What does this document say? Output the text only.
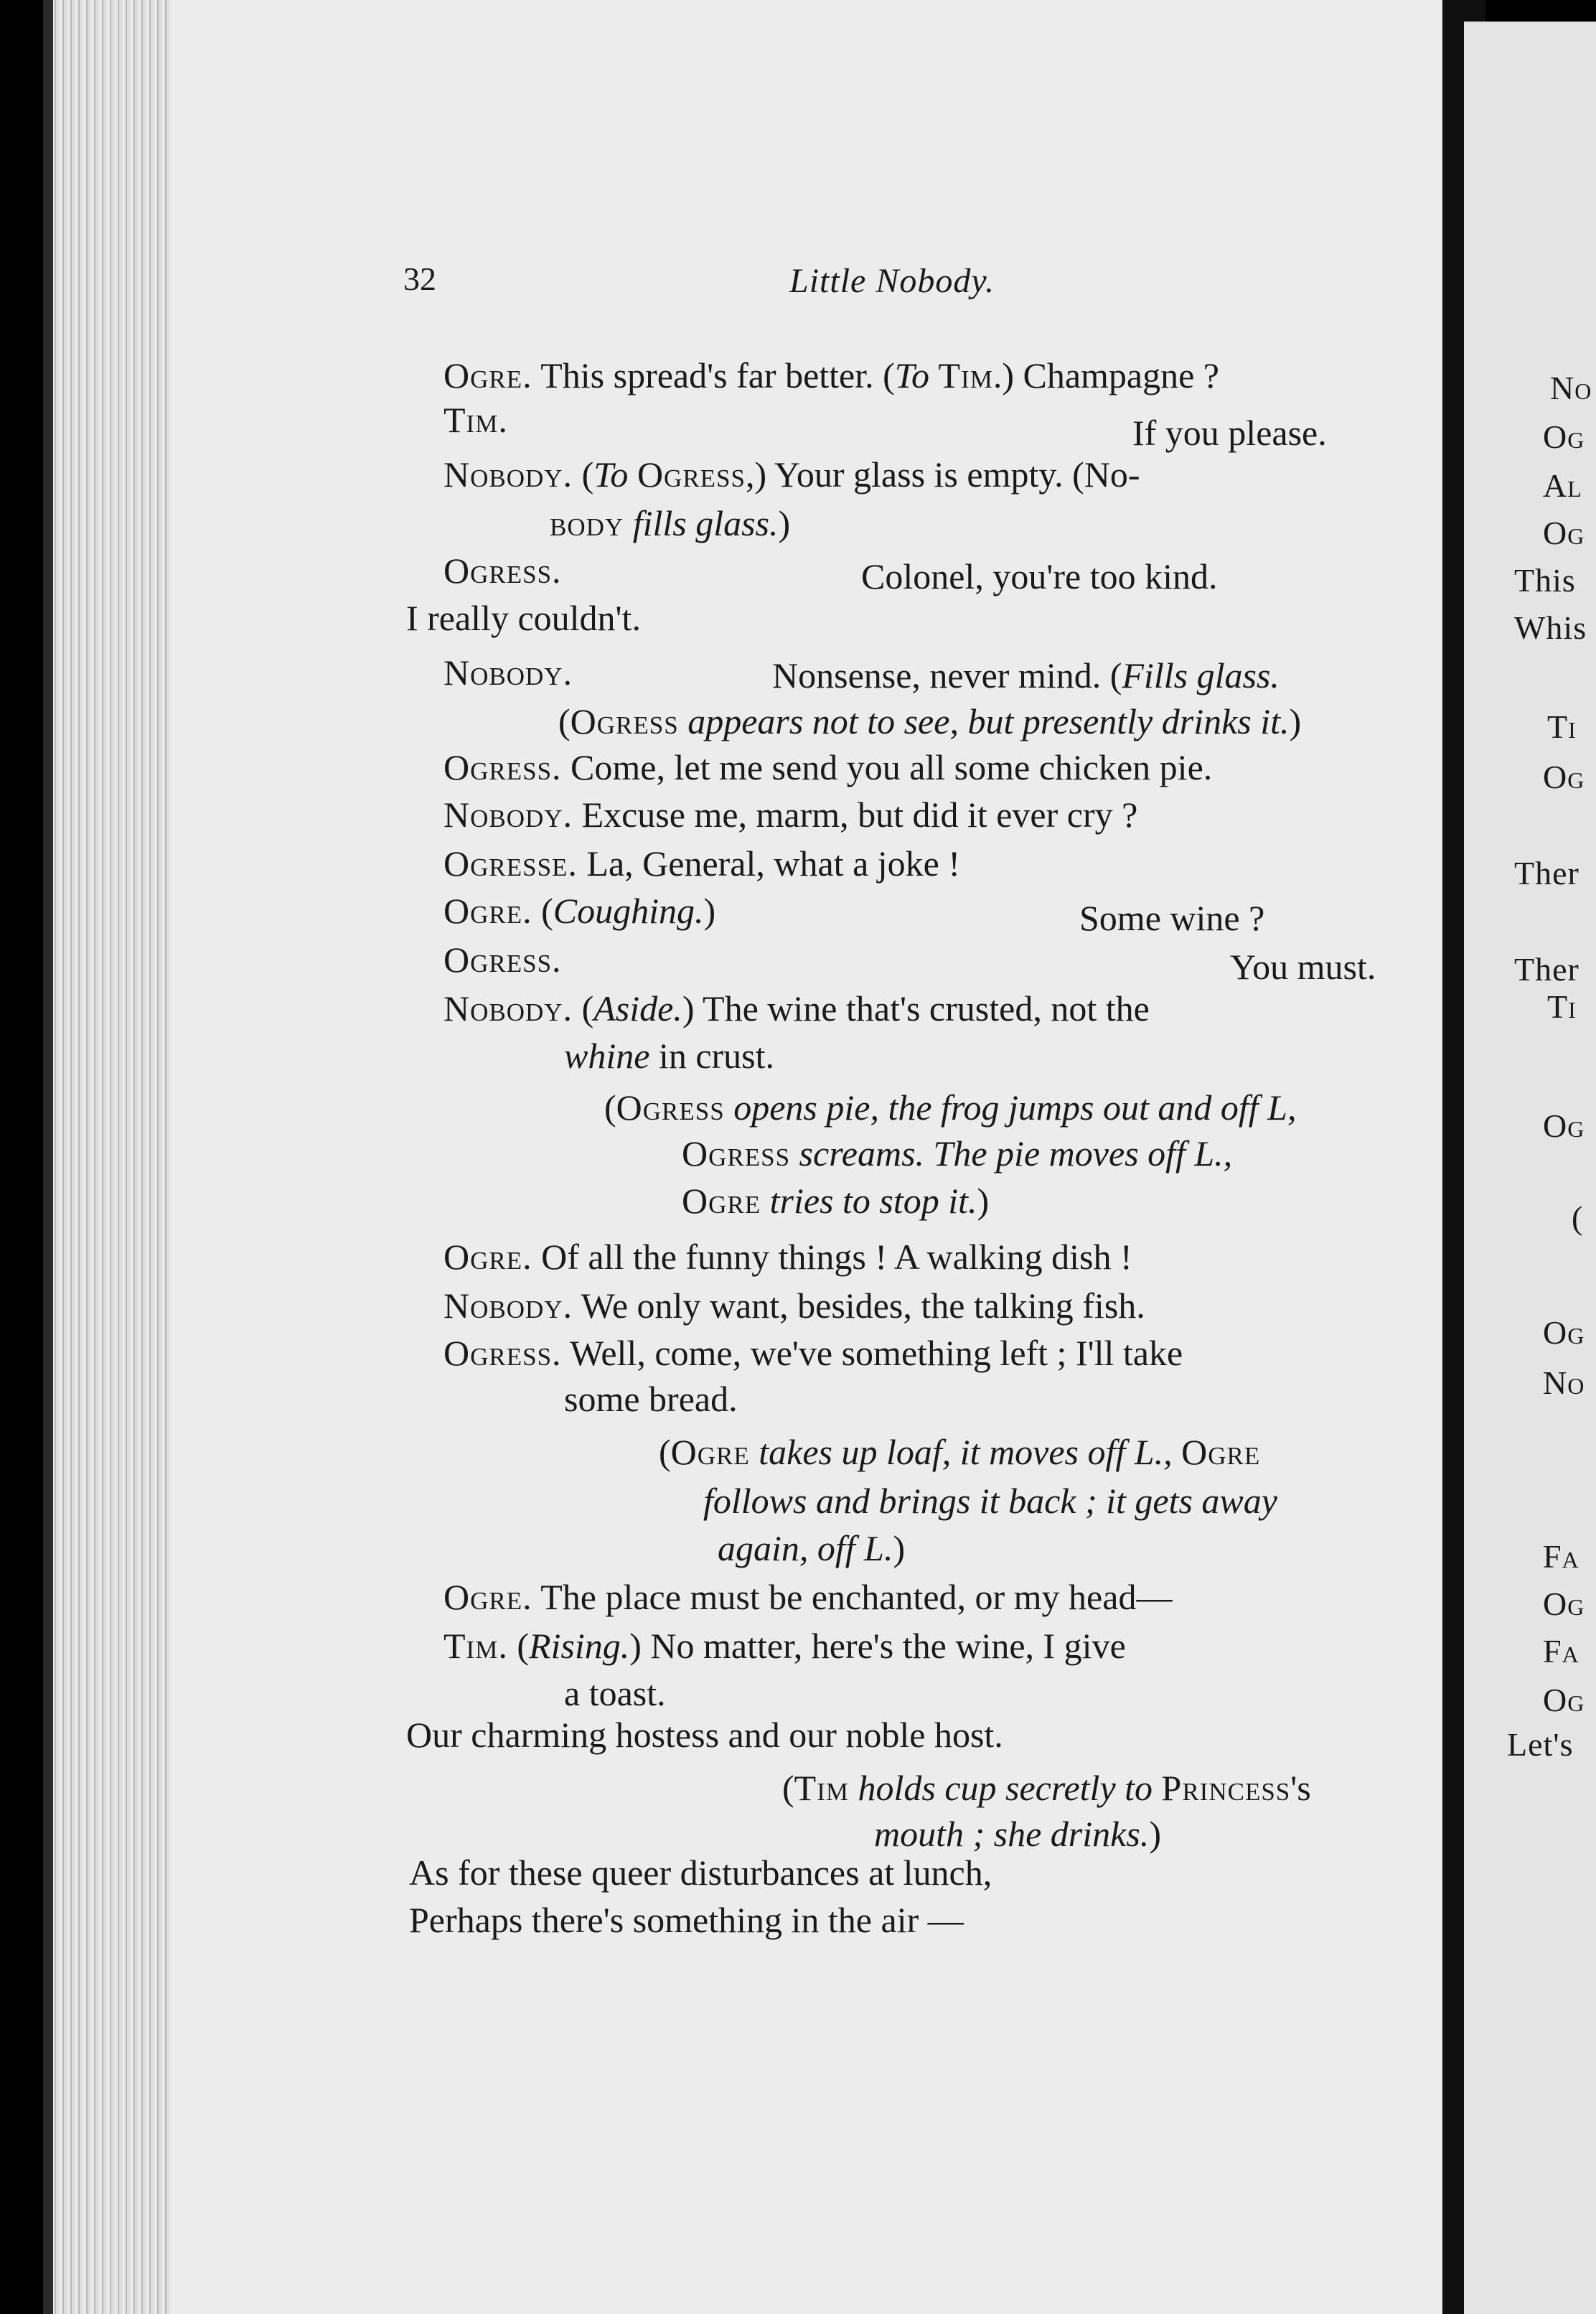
32	Little Nobody.
Ogre. This spread's far better. (To Tim.) Champagne ?
Tim.	If you please.
Nobody. (To Ogress,) Your glass is empty. (No-
body fills glass.)
Ogress.	Colonel, you're too kind.
I really couldn't.
Nobody.	Nonsense, never mind. (Fills glass.
(Ogress appears not to see, but presently drinks it.)
Ogress. Come, let me send you all some chicken pie.
Nobody. Excuse me, marm, but did it ever cry ?
Ogresse. La, General, what a joke !
Ogre. (Coughing.)	Some wine ?
Ogress.	You must.
Nobody. (Aside.) The wine that's crusted, not the
whine in crust.
(Ogress opens pie, the frog jumps out and off L,
Ogress screams. The pie moves off L.,
Ogre tries to stop it.)
Ogre. Of all the funny things ! A walking dish !
Nobody. We only want, besides, the talking fish.
Ogress. Well, come, we've something left ; I'll take
some bread.
(Ogre takes up loaf, it moves off L., Ogre
follows and brings it back ; it gets away
again, off L.)
Ogre. The place must be enchanted, or my head—
Tim. (Rising.) No matter, here's the wine, I give
a toast.
Our charming hostess and our noble host.
(Tim holds cup secretly to Princess's
mouth ; she drinks.)
As for these queer disturbances at lunch,
Perhaps there's something in the air —
No
Og
Al
Og
This
Whis
Ti
Og
Ther
Ther
Ti
Og
(
Og
No
Fa
Og
Fa
Og
Let's
